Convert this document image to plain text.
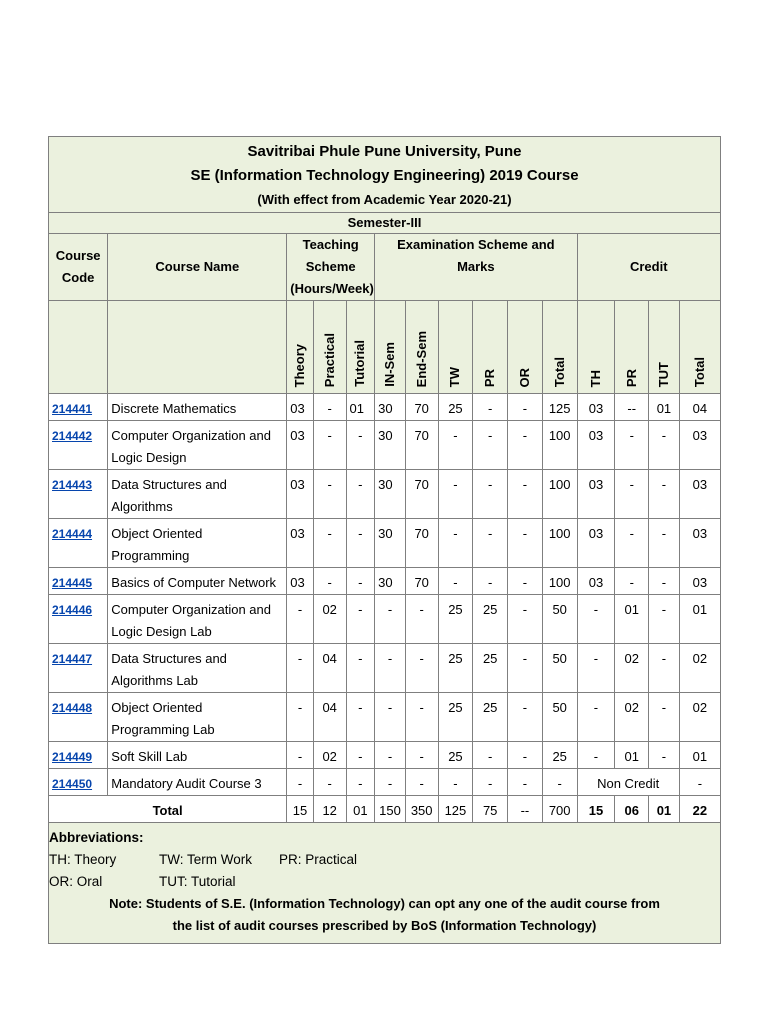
Savitribai Phule Pune University, Pune														
SE (Information Technology Engineering) 2019 Course														
(With effect from Academic Year 2020-21)														
Semester-III														
Course Code	Course Name	Teaching Scheme (Hours/Week)			Examination Scheme and Marks						Credit			

		Theory	Practical	Tutorial	IN-Sem	End-Sem	TW	PR	OR	Total	TH	PR	TUT	Total

214441	Discrete Mathematics	03	-	01	30	70	25	-	-	125	03	--	01	04
214442	Computer Organization and Logic Design	03	-	-	30	70	-	-	-	100	03	-	-	03
214443	Data Structures and Algorithms	03	-	-	30	70	-	-	-	100	03	-	-	03
214444	Object Oriented Programming	03	-	-	30	70	-	-	-	100	03	-	-	03
214445	Basics of Computer Network	03	-	-	30	70	-	-	-	100	03	-	-	03
214446	Computer Organization and Logic Design Lab	-	02	-	-	-	25	25	-	50	-	01	-	01
214447	Data Structures and Algorithms Lab	-	04	-	-	-	25	25	-	50	-	02	-	02
214448	Object Oriented Programming Lab	-	04	-	-	-	25	25	-	50	-	02	-	02
214449	Soft Skill Lab	-	02	-	-	-	25	-	-	25	-	01	-	01
214450	Mandatory Audit Course 3	-	-	-	-	-	-	-	-	-	Non Credit			-
Total		15	12	01	150	350	125	75	--	700	15	06	01	22

Abbreviations:
TH: Theory TW: Term Work PR: Practical
OR: Oral TUT: Tutorial
Note: Students of S.E. (Information Technology) can opt any one of the audit course from
the list of audit courses prescribed by BoS (Information Technology)														
